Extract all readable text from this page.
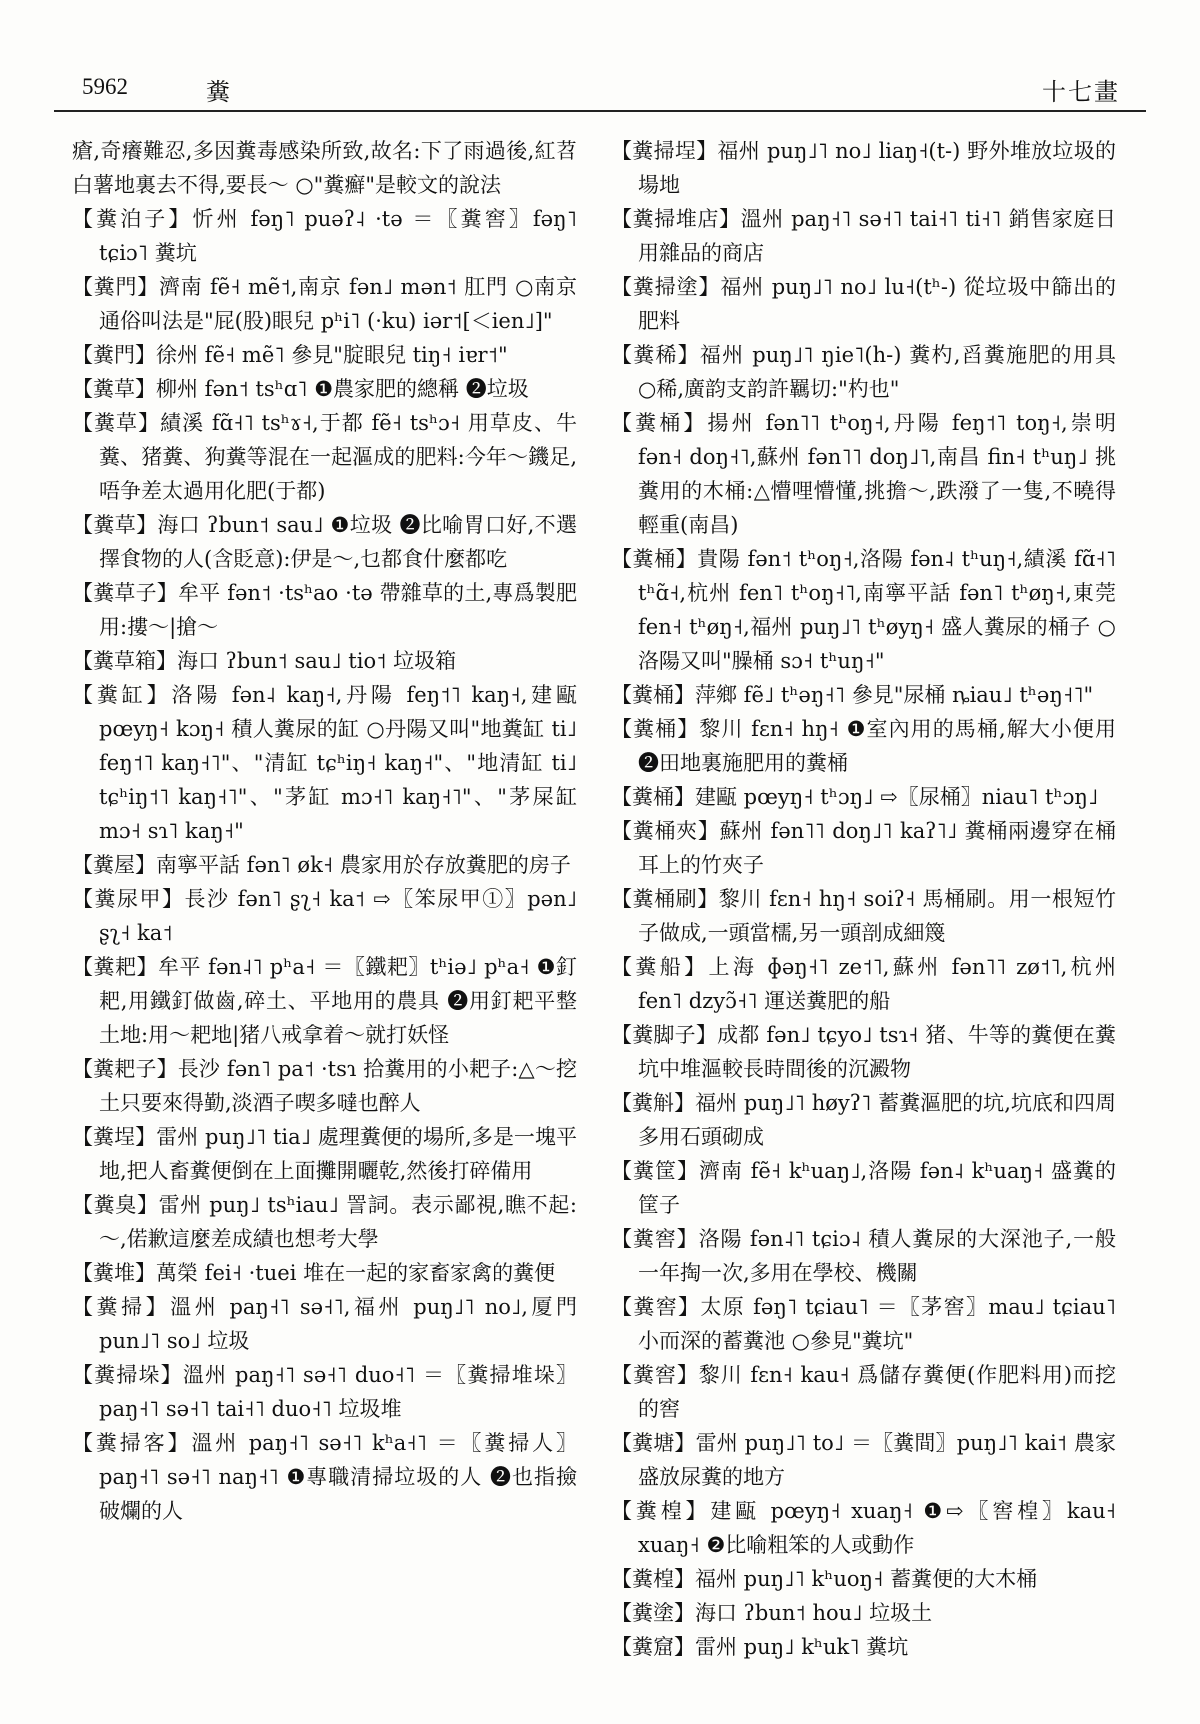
5962	糞	十七畫

瘡,奇癢難忍,多因糞毒感染所致,故名:下了雨過後,紅苕白薯地裏去不得,要長～ ○"糞癬"是較文的說法

【糞泊子】忻州 fəŋ˥ puəʔ˨ ·tə ＝〖糞窖〗fəŋ˥ tɕiɔ˥ 糞坑

【糞門】濟南 fẽ˧ mẽ˦,南京 fən˩ mən˦ 肛門 ○南京通俗叫法是"屁(股)眼兒 pʰi˥ (·ku) iər˦[＜ien˩]"

【糞門】徐州 fẽ˧ mẽ˥ 參見"腚眼兒 tiŋ˧ iɐr˦"

【糞草】柳州 fən˦ tsʰɑ˥ ❶農家肥的總稱 ❷垃圾

【糞草】績溪 fɑ̃˧˥ tsʰɤ˧,于都 fẽ˧ tsʰɔ˧ 用草皮、牛糞、猪糞、狗糞等混在一起漚成的肥料:今年～鐖足,唔争差太過用化肥(于都)

【糞草】海口 ʔbun˦ sau˩ ❶垃圾 ❷比喻胃口好,不選擇食物的人(含貶意):伊是～,乜都食什麼都吃

【糞草子】牟平 fən˦ ·tsʰao ·tə 帶雜草的土,專爲製肥用:摟～|搶～

【糞草箱】海口 ʔbun˦ sau˩ tio˦ 垃圾箱

【糞缸】洛陽 fən˨ kaŋ˧,丹陽 feŋ˦˥ kaŋ˧,建甌 pœyŋ˧ kɔŋ˧ 積人糞尿的缸 ○丹陽又叫"地糞缸 ti˩ feŋ˦˥ kaŋ˧˥"、"清缸 tɕʰiŋ˧ kaŋ˧"、"地清缸 ti˩ tɕʰiŋ˦˥ kaŋ˧˥"、"茅缸 mɔ˧˥ kaŋ˧˥"、"茅屎缸 mɔ˧ sɿ˥ kaŋ˧"

【糞屋】南寧平話 fən˥ øk˧ 農家用於存放糞肥的房子

【糞尿甲】長沙 fən˥ ʂʅ˧ ka˦ ⇨〖笨尿甲①〗pən˩ ʂʅ˧ ka˦

【糞耙】牟平 fən˨˥ pʰa˧ ＝〖鐵耙〗tʰiə˩ pʰa˧ ❶釘耙,用鐵釘做齒,碎土、平地用的農具 ❷用釘耙平整土地:用～耙地|猪八戒拿着～就打妖怪

【糞耙子】長沙 fən˥ pa˦ ·tsɿ 拾糞用的小耙子:△～挖土只要來得勤,淡酒子喫多噠也醉人

【糞埕】雷州 puŋ˩˥ tia˩ 處理糞便的場所,多是一塊平地,把人畜糞便倒在上面攤開曬乾,然後打碎備用

【糞臭】雷州 puŋ˩ tsʰiau˩ 詈詞。表示鄙視,瞧不起:～,偌歉這麼差成績也想考大學

【糞堆】萬榮 fei˧ ·tuei 堆在一起的家畜家禽的糞便

【糞掃】溫州 paŋ˧˥ sə˧˥,福州 puŋ˩˥ no˩,厦門 pun˩˥ so˩ 垃圾

【糞掃垛】溫州 paŋ˧˥ sə˧˥ duo˧˥ ＝〖糞掃堆垛〗paŋ˧˥ sə˧˥ tai˧˥ duo˧˥ 垃圾堆

【糞掃客】溫州 paŋ˧˥ sə˧˥ kʰa˧˥ ＝〖糞掃人〗paŋ˧˥ sə˧˥ naŋ˧˥ ❶專職清掃垃圾的人 ❷也指撿破爛的人

【糞掃埕】福州 puŋ˩˥ no˩ liaŋ˧(t-) 野外堆放垃圾的場地

【糞掃堆店】溫州 paŋ˧˥ sə˧˥ tai˧˥ ti˧˥ 銷售家庭日用雜品的商店

【糞掃塗】福州 puŋ˩˥ no˩ lu˧(tʰ-) 從垃圾中篩出的肥料

【糞稀】福州 puŋ˩˥ ŋie˥(h-) 糞杓,舀糞施肥的用具 ○稀,廣韵支韵許羈切:"杓也"

【糞桶】揚州 fən˥˥ tʰoŋ˧,丹陽 feŋ˦˥ toŋ˧,崇明 fən˧ doŋ˧˥,蘇州 fən˥˥ doŋ˩˥,南昌 fin˧ tʰuŋ˩ 挑糞用的木桶:△懵哩懵懂,挑擔～,跌潑了一隻,不曉得輕重(南昌)

【糞桶】貴陽 fən˦ tʰoŋ˧,洛陽 fən˨ tʰuŋ˧,績溪 fɑ̃˧˥ tʰɑ̃˧,杭州 fen˥ tʰoŋ˧˥,南寧平話 fən˥ tʰøŋ˧,東莞 fen˧ tʰøŋ˧,福州 puŋ˩˥ tʰøyŋ˧ 盛人糞尿的桶子 ○洛陽又叫"臊桶 sɔ˧ tʰuŋ˧"

【糞桶】萍鄉 fẽ˩ tʰəŋ˧˥ 參見"尿桶 ȵiau˩ tʰəŋ˧˥"

【糞桶】黎川 fɛn˧ hŋ˧ ❶室內用的馬桶,解大小便用 ❷田地裏施肥用的糞桶

【糞桶】建甌 pœyŋ˧ tʰɔŋ˩ ⇨〖尿桶〗niau˥ tʰɔŋ˩

【糞桶夾】蘇州 fən˥˥ doŋ˩˥ kaʔ˥˩ 糞桶兩邊穿在桶耳上的竹夾子

【糞桶刷】黎川 fɛn˧ hŋ˧ soiʔ˧ 馬桶刷。用一根短竹子做成,一頭當檽,另一頭剖成細篾

【糞船】上海 ɸəŋ˧˥ ze˦˥,蘇州 fən˥˥ zø˦˥,杭州 fen˥ dzyɔ̃˧˥ 運送糞肥的船

【糞脚子】成都 fən˩ tɕyo˩ tsɿ˧ 猪、牛等的糞便在糞坑中堆漚較長時間後的沉澱物

【糞斛】福州 puŋ˩˥ høyʔ˥ 蓄糞漚肥的坑,坑底和四周多用石頭砌成

【糞筐】濟南 fẽ˧ kʰuaŋ˩,洛陽 fən˨ kʰuaŋ˧ 盛糞的筐子

【糞窖】洛陽 fən˨˥ tɕiɔ˨ 積人糞尿的大深池子,一般一年掏一次,多用在學校、機關

【糞窖】太原 fəŋ˥ tɕiau˥ ＝〖茅窖〗mau˩ tɕiau˥ 小而深的蓄糞池 ○參見"糞坑"

【糞窖】黎川 fɛn˧ kau˧ 爲儲存糞便(作肥料用)而挖的窖

【糞塘】雷州 puŋ˩˥ to˩ ＝〖糞間〗puŋ˩˥ kai˦ 農家盛放尿糞的地方

【糞楻】建甌 pœyŋ˧ xuaŋ˧ ❶⇨〖窖楻〗kau˧ xuaŋ˧ ❷比喻粗笨的人或動作

【糞楻】福州 puŋ˩˥ kʰuoŋ˧ 蓄糞便的大木桶

【糞塗】海口 ʔbun˦ hou˩ 垃圾土

【糞窟】雷州 puŋ˩ kʰuk˥ 糞坑
